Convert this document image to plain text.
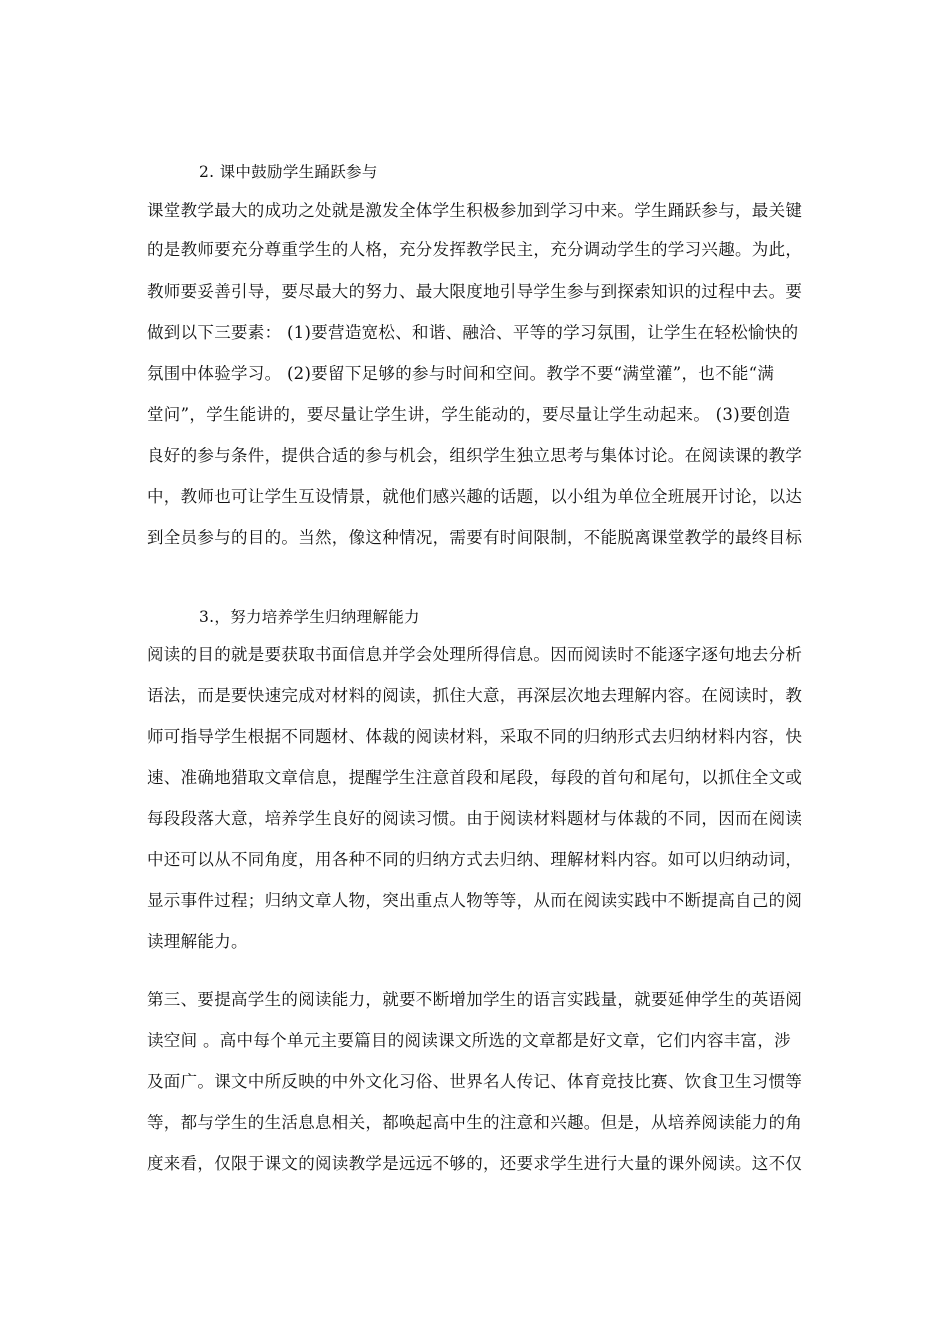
2. 课中鼓励学生踊跃参与
课堂教学最大的成功之处就是激发全体学生积极参加到学习中来。学生踊跃参与，最关键
的是教师要充分尊重学生的人格，充分发挥教学民主，充分调动学生的学习兴趣。为此，
教师要妥善引导，要尽最大的努力、最大限度地引导学生参与到探索知识的过程中去。要
做到以下三要素： (1)要营造宽松、和谐、融洽、平等的学习氛围，让学生在轻松愉快的
氛围中体验学习。 (2)要留下足够的参与时间和空间。教学不要“满堂灌”，也不能“满
堂问”，学生能讲的，要尽量让学生讲，学生能动的，要尽量让学生动起来。 (3)要创造
良好的参与条件，提供合适的参与机会，组织学生独立思考与集体讨论。在阅读课的教学
中，教师也可让学生互设情景，就他们感兴趣的话题，以小组为单位全班展开讨论，以达
到全员参与的目的。当然，像这种情况，需要有时间限制，不能脱离课堂教学的最终目标
3.，努力培养学生归纳理解能力
阅读的目的就是要获取书面信息并学会处理所得信息。因而阅读时不能逐字逐句地去分析
语法，而是要快速完成对材料的阅读，抓住大意，再深层次地去理解内容。在阅读时，教
师可指导学生根据不同题材、体裁的阅读材料，采取不同的归纳形式去归纳材料内容，快
速、准确地猎取文章信息，提醒学生注意首段和尾段，每段的首句和尾句，以抓住全文或
每段段落大意，培养学生良好的阅读习惯。由于阅读材料题材与体裁的不同，因而在阅读
中还可以从不同角度，用各种不同的归纳方式去归纳、理解材料内容。如可以归纳动词，
显示事件过程；归纳文章人物，突出重点人物等等，从而在阅读实践中不断提高自己的阅
读理解能力。
第三、要提高学生的阅读能力，就要不断增加学生的语言实践量，就要延伸学生的英语阅
读空间 。高中每个单元主要篇目的阅读课文所选的文章都是好文章，它们内容丰富，涉
及面广。课文中所反映的中外文化习俗、世界名人传记、体育竞技比赛、饮食卫生习惯等
等，都与学生的生活息息相关，都唤起高中生的注意和兴趣。但是，从培养阅读能力的角
度来看，仅限于课文的阅读教学是远远不够的，还要求学生进行大量的课外阅读。这不仅
